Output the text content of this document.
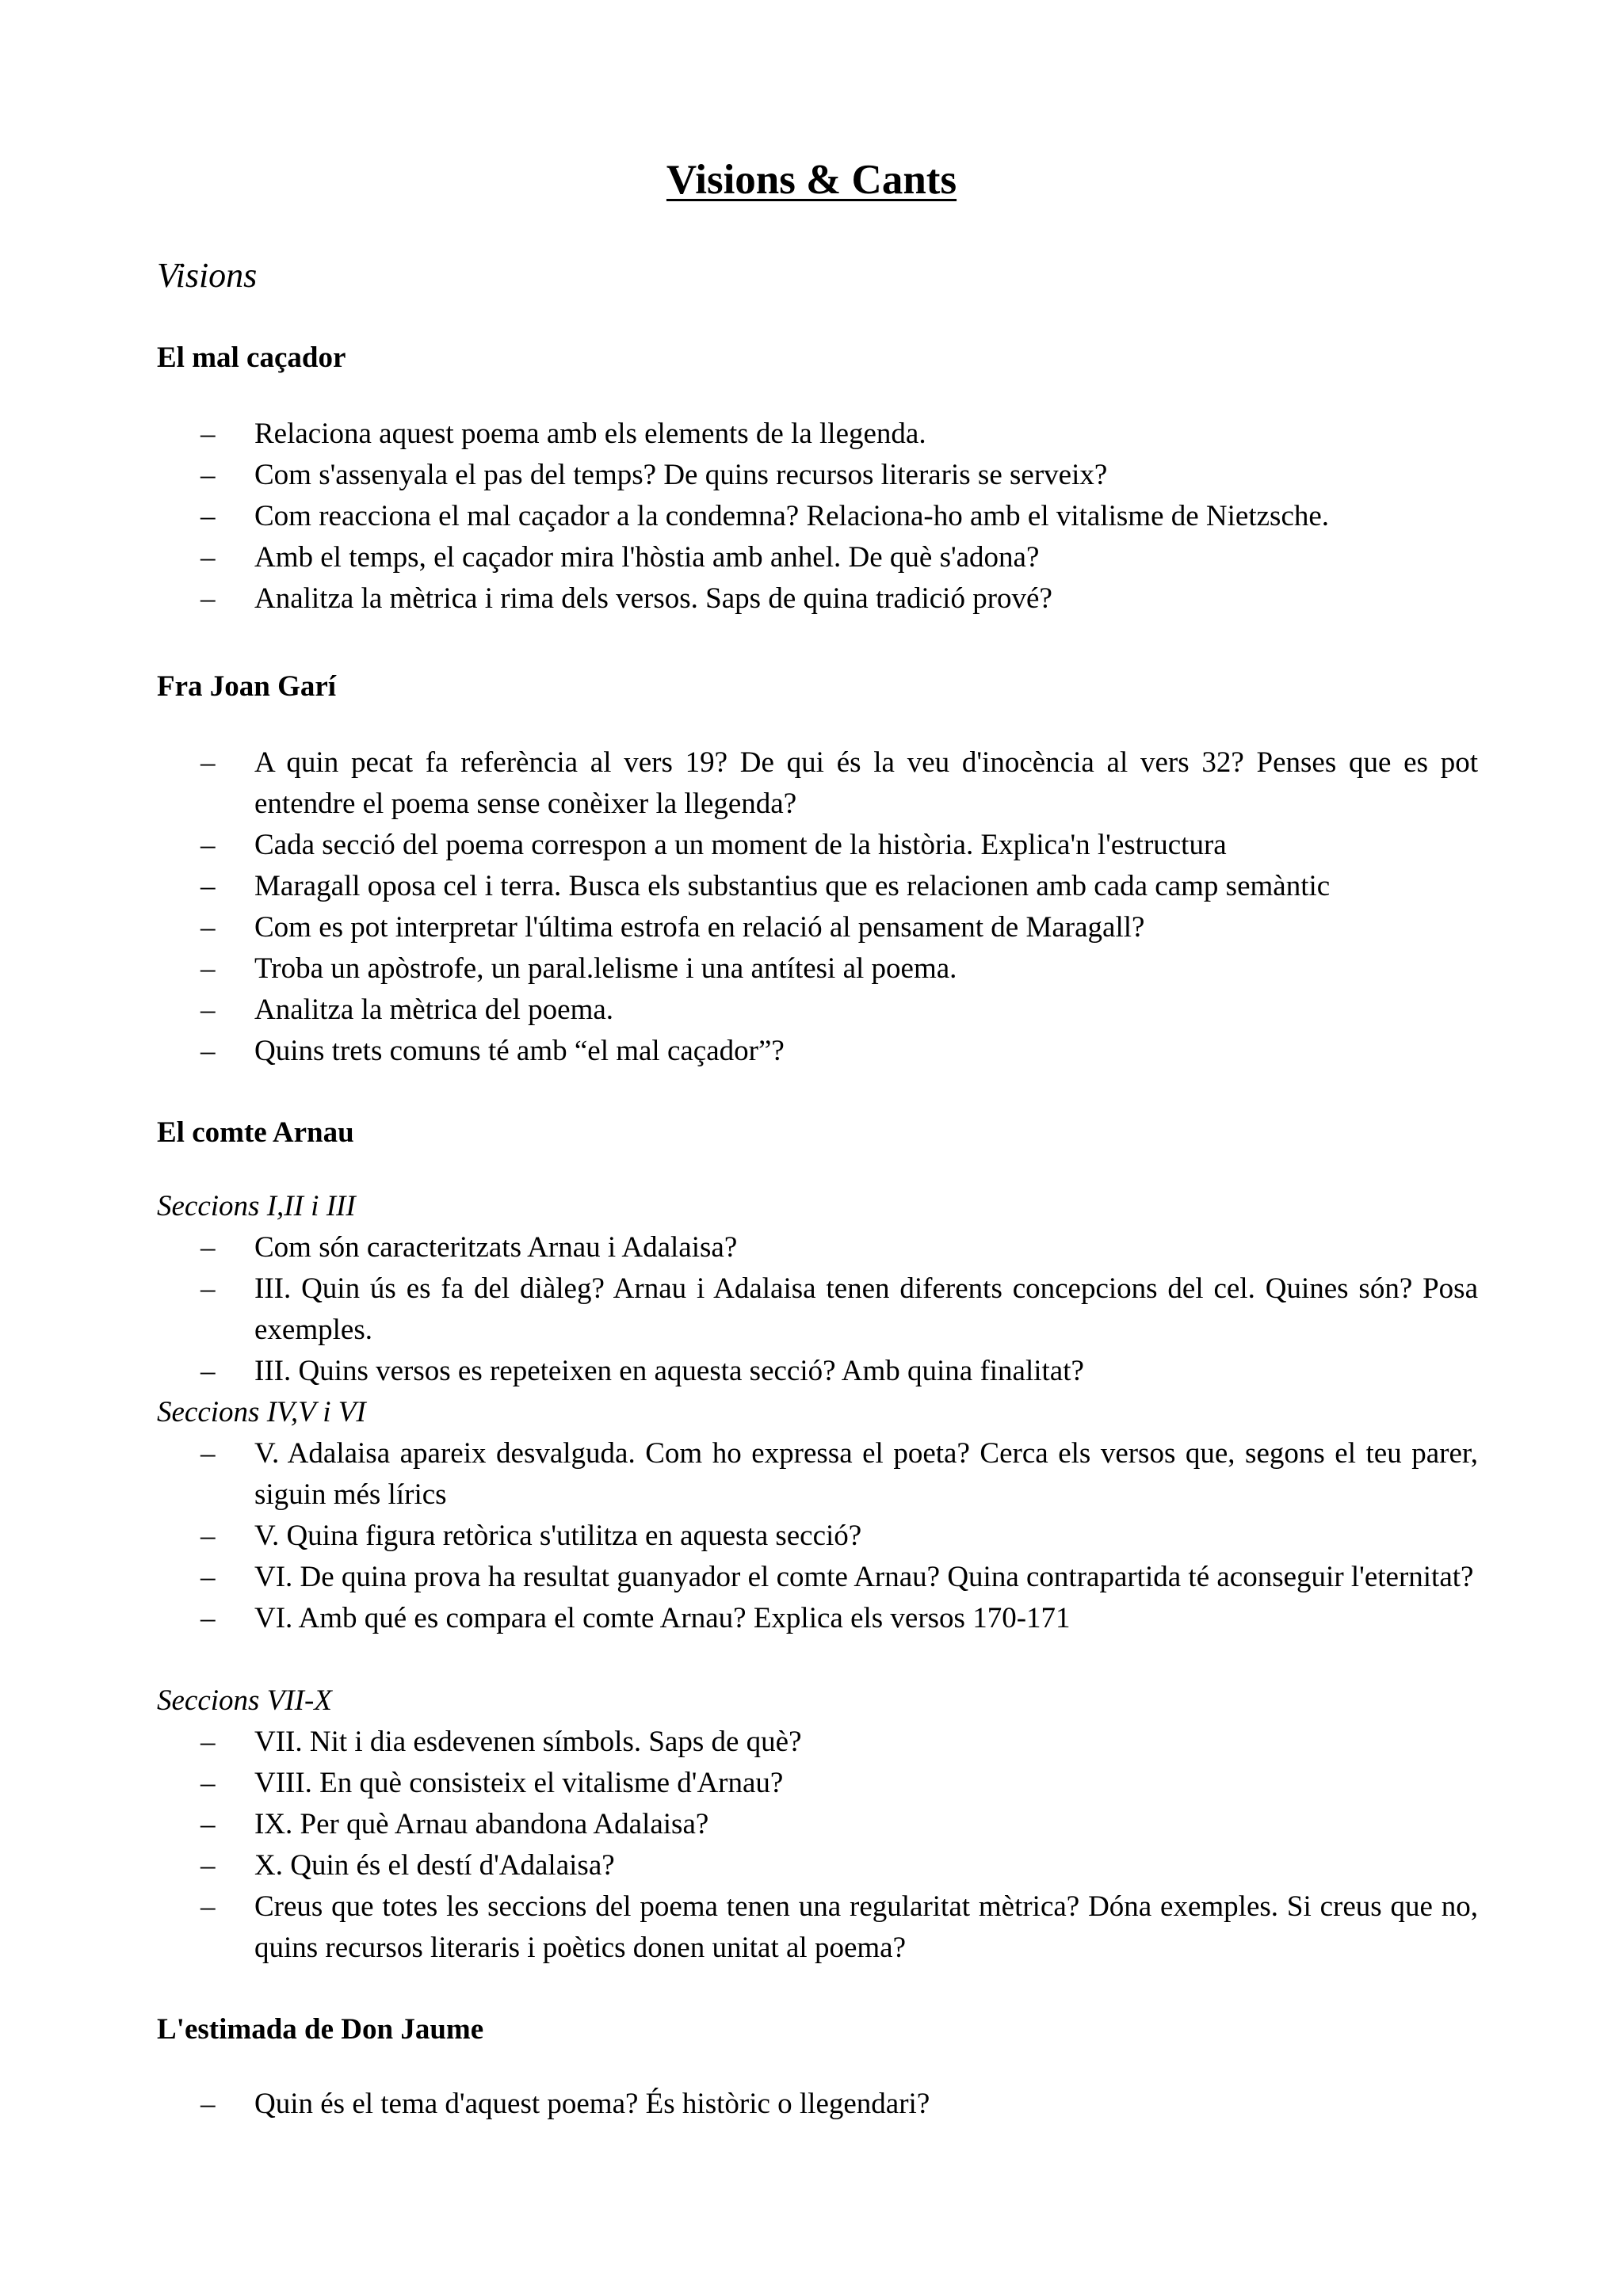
Visions & Cants
Visions
El mal caçador
– Relaciona aquest poema amb els elements de la llegenda.
– Com s'assenyala el pas del temps? De quins recursos literaris se serveix?
– Com reacciona el mal caçador a la condemna? Relaciona-ho amb el vitalisme de Nietzsche.
– Amb el temps, el caçador mira l'hòstia amb anhel. De què s'adona?
– Analitza la mètrica i rima dels versos. Saps de quina tradició prové?
Fra Joan Garí
– A quin pecat fa referència al vers 19? De qui és la veu d'inocència al vers 32? Penses que es pot entendre el poema sense conèixer la llegenda?
– Cada secció del poema correspon a un moment de la història. Explica'n l'estructura
– Maragall oposa cel i terra. Busca els substantius que es relacionen amb cada camp semàntic
– Com es pot interpretar l'última estrofa en relació al pensament de Maragall?
– Troba un apòstrofe, un paral.lelisme i una antítesi al poema.
– Analitza la mètrica del poema.
– Quins trets comuns té amb “el mal caçador”?
El comte Arnau
Seccions I,II i III
– Com són caracteritzats Arnau i Adalaisa?
– III. Quin ús es fa del diàleg? Arnau i Adalaisa tenen diferents concepcions del cel. Quines són? Posa exemples.
– III. Quins versos es repeteixen en aquesta secció? Amb quina finalitat?
Seccions IV,V i VI
– V. Adalaisa apareix desvalguda. Com ho expressa el poeta? Cerca els versos que, segons el teu parer, siguin més lírics
– V. Quina figura retòrica s'utilitza en aquesta secció?
– VI. De quina prova ha resultat guanyador el comte Arnau? Quina contrapartida té aconseguir l'eternitat?
– VI. Amb qué es compara el comte Arnau? Explica els versos 170-171
Seccions VII-X
– VII. Nit i dia esdevenen símbols. Saps de què?
– VIII. En què consisteix el vitalisme d'Arnau?
– IX. Per què Arnau abandona Adalaisa?
– X. Quin és el destí d'Adalaisa?
– Creus que totes les seccions del poema tenen una regularitat mètrica? Dóna exemples. Si creus que no, quins recursos literaris i poètics donen unitat al poema?
L'estimada de Don Jaume
– Quin és el tema d'aquest poema? És històric o llegendari?
